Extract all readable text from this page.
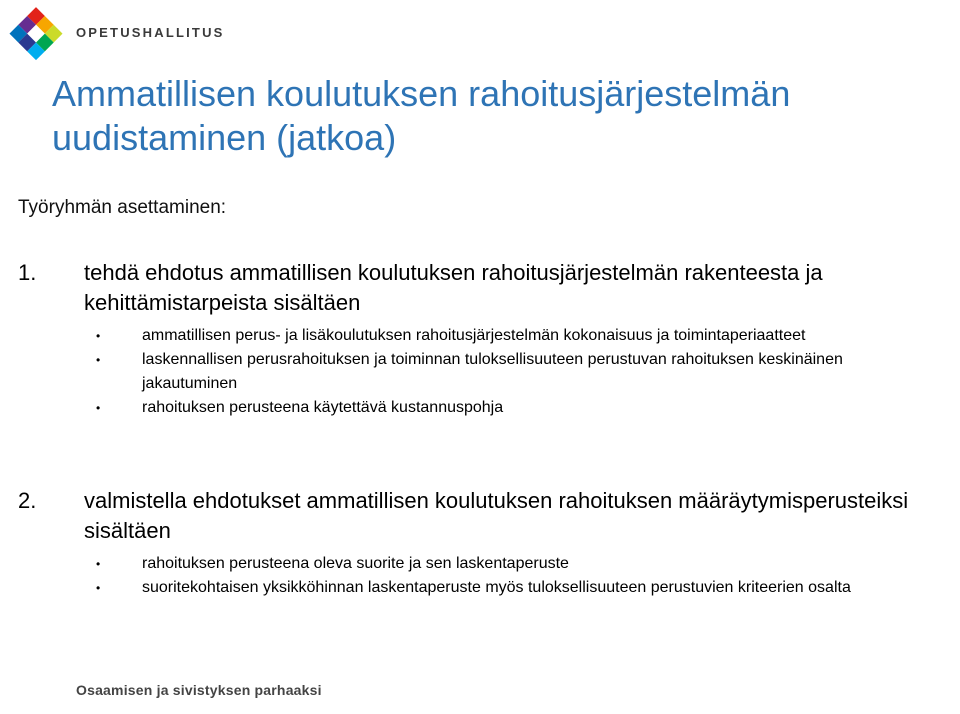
OPETUSHALLITUS
Ammatillisen koulutuksen rahoitusjärjestelmän uudistaminen (jatkoa)
Työryhmän asettaminen:
1. tehdä ehdotus ammatillisen koulutuksen rahoitusjärjestelmän rakenteesta ja kehittämistarpeista sisältäen
•	ammatillisen perus- ja lisäkoulutuksen rahoitusjärjestelmän kokonaisuus ja toimintaperiaatteet
•	laskennallisen perusrahoituksen ja toiminnan tuloksellisuuteen perustuvan rahoituksen keskinäinen jakautuminen
•	rahoituksen perusteena käytettävä kustannuspohja
2. valmistella ehdotukset ammatillisen koulutuksen rahoituksen määräytymisperusteiksi sisältäen
•	rahoituksen perusteena oleva suorite ja sen laskentaperuste
•	suoritekohtaisen yksikköhinnan laskentaperuste myös tuloksellisuuteen perustuvien kriteerien osalta
Osaamisen ja sivistyksen parhaaksi
